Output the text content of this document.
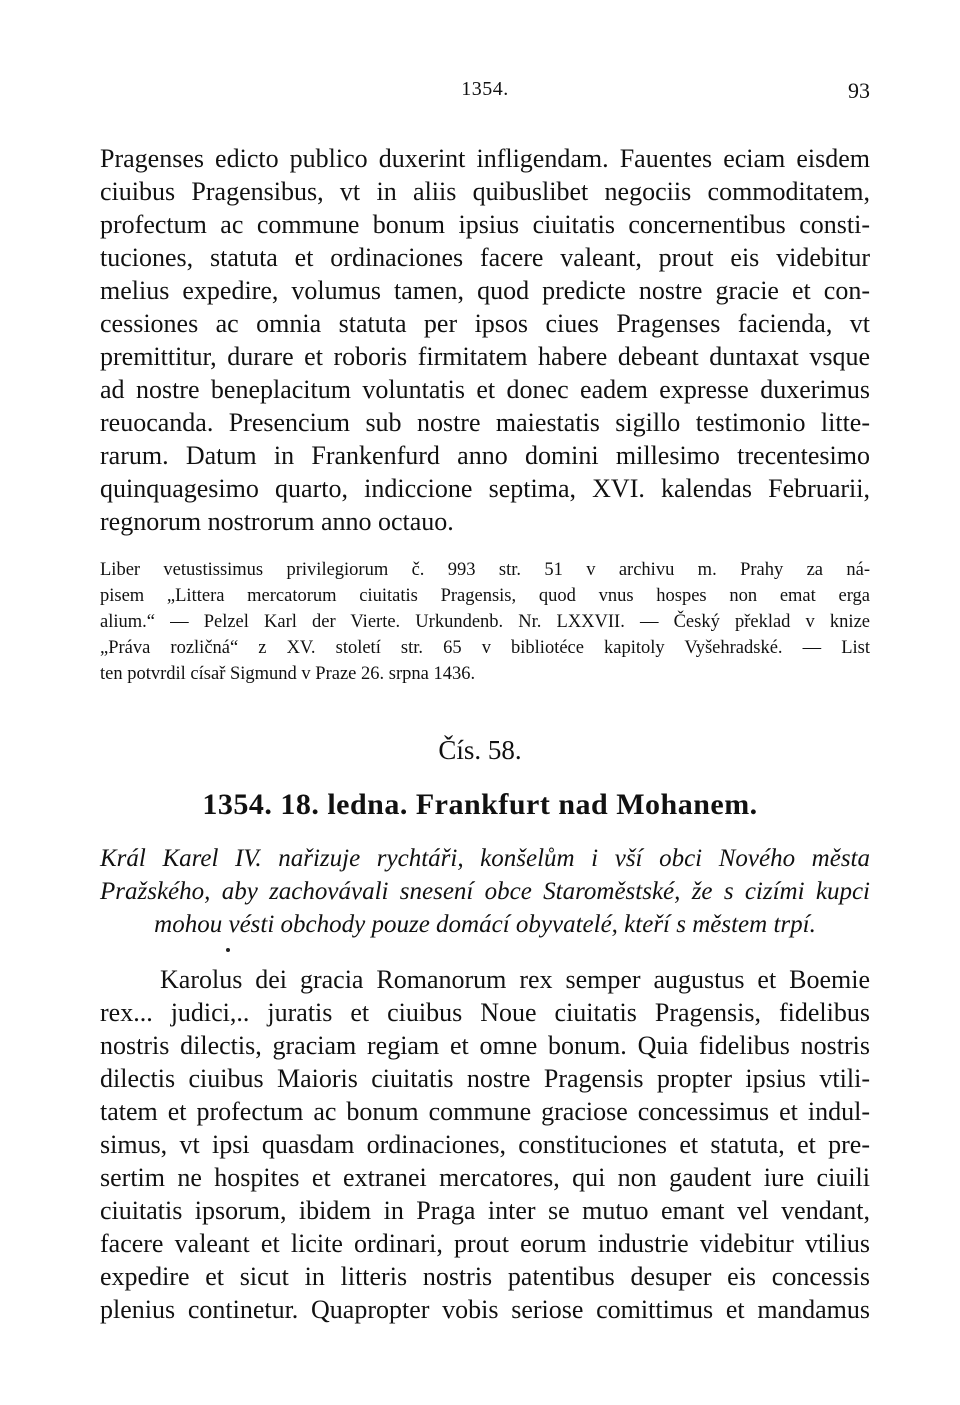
1354.	93
Pragenses edicto publico duxerint infligendam. Fauentes eciam eisdem
ciuibus Pragensibus, vt in aliis quibuslibet negociis commoditatem,
profectum ac commune bonum ipsius ciuitatis concernentibus consti-
tuciones, statuta et ordinaciones facere valeant, prout eis videbitur
melius expedire, volumus tamen, quod predicte nostre gracie et con-
cessiones ac omnia statuta per ipsos ciues Pragenses facienda, vt
premittitur, durare et roboris firmitatem habere debeant duntaxat vsque
ad nostre beneplacitum voluntatis et donec eadem expresse duxerimus
reuocanda. Presencium sub nostre maiestatis sigillo testimonio litte-
rarum. Datum in Frankenfurd anno domini millesimo trecentesimo
quinquagesimo quarto, indiccione septima, XVI. kalendas Februarii,
regnorum nostrorum anno octauo.
Liber vetustissimus privilegiorum č. 993 str. 51 v archivu m. Prahy za ná-
pisem „Littera mercatorum ciuitatis Pragensis, quod vnus hospes non emat erga
alium.“ — Pelzel Karl der Vierte. Urkundenb. Nr. LXXVII. — Český překlad v knize
„Práva rozličná“ z XV. století str. 65 v bibliotéce kapitoly Vyšehradské. — List
ten potvrdil císař Sigmund v Praze 26. srpna 1436.
Čís. 58.
1354. 18. ledna. Frankfurt nad Mohanem.
Král Karel IV. nařizuje rychtáři, konšelům i vší obci Nového města
Pražského, aby zachovávali snesení obce Staroměstské, že s cizími kupci
mohou vésti obchody pouze domácí obyvatelé, kteří s městem trpí.
Karolus dei gracia Romanorum rex semper augustus et Boemie
rex... judici,.. juratis et ciuibus Noue ciuitatis Pragensis, fidelibus
nostris dilectis, graciam regiam et omne bonum. Quia fidelibus nostris
dilectis ciuibus Maioris ciuitatis nostre Pragensis propter ipsius vtili-
tatem et profectum ac bonum commune graciose concessimus et indul-
simus, vt ipsi quasdam ordinaciones, constituciones et statuta, et pre-
sertim ne hospites et extranei mercatores, qui non gaudent iure ciuili
ciuitatis ipsorum, ibidem in Praga inter se mutuo emant vel vendant,
facere valeant et licite ordinari, prout eorum industrie videbitur vtilius
expedire et sicut in litteris nostris patentibus desuper eis concessis
plenius continetur. Quapropter vobis seriose comittimus et mandamus
